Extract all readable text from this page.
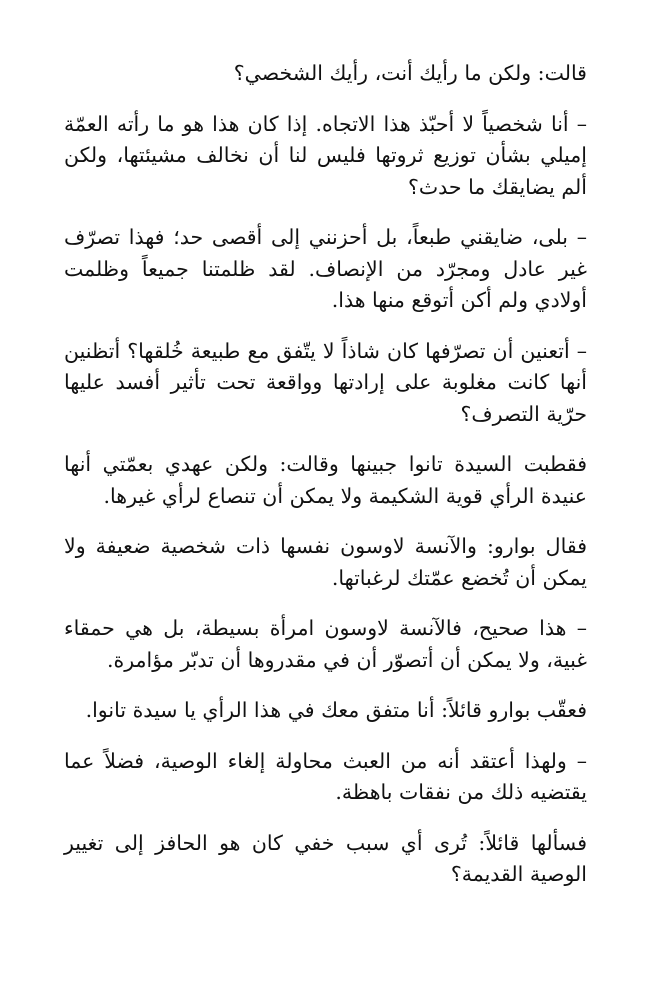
قالت: ولكن ما رأيك أنت، رأيك الشخصي؟

– أنا شخصياً لا أحبّذ هذا الاتجاه. إذا كان هذا هو ما رأته العمّة إميلي بشأن توزيع ثروتها فليس لنا أن نخالف مشيئتها، ولكن ألم يضايقك ما حدث؟

– بلى، ضايقني طبعاً، بل أحزنني إلى أقصى حد؛ فهذا تصرّف غير عادل ومجرّد من الإنصاف. لقد ظلمتنا جميعاً وظلمت أولادي ولم أكن أتوقع منها هذا.

– أتعنين أن تصرّفها كان شاذاً لا يتّفق مع طبيعة خُلقها؟ أتظنين أنها كانت مغلوبة على إرادتها وواقعة تحت تأثير أفسد عليها حرّية التصرف؟

فقطبت السيدة تانوا جبينها وقالت: ولكن عهدي بعمّتي أنها عنيدة الرأي قوية الشكيمة ولا يمكن أن تنصاع لرأي غيرها.

فقال بوارو: والآنسة لاوسون نفسها ذات شخصية ضعيفة ولا يمكن أن تُخضع عمّتك لرغباتها.

– هذا صحيح، فالآنسة لاوسون امرأة بسيطة، بل هي حمقاء غبية، ولا يمكن أن أتصوّر أن في مقدروها أن تدبّر مؤامرة.

فعقّب بوارو قائلاً: أنا متفق معك في هذا الرأي يا سيدة تانوا.

– ولهذا أعتقد أنه من العبث محاولة إلغاء الوصية، فضلاً عما يقتضيه ذلك من نفقات باهظة.

فسألها قائلاً: تُرى أي سبب خفي كان هو الحافز إلى تغيير الوصية القديمة؟
